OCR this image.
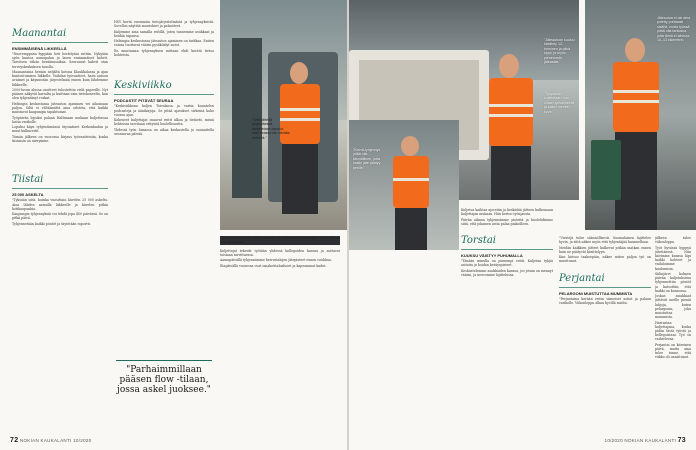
Maanantai
ENSIMMÄISENÄ LIKKEELLÄ

"Nuoremppana hyppään heti herättyäni ruttiin. Nykyään syön kuntoa aamupalan ja lasen ensimmäiset kahvit. Tarvitsen vähän heräämisaikaa. Seuraavat kahvit otan terveyskeskuksen tauolla.

Maanantaina herään neljältä kotona Klaukkalassa ja ajan kuntoutumisen liikkelle. Vaihdan työvaatteet, haen autoon avaimet ja käynnistän järjestelmän ennen kuin lähdemme liikkeelle.

2000-luvun alussa osoitteet tulostettiin vielä paperille. Nyt pääsen näkyvät kartalta ja kuittaan vain tietokoneelta, kun olen tyhjentänyt roskat.

Helsingin keskustassa jäteauton ajaminen vei aikoinaan paljon. Siltä ei välttämättä aina odoteta, että kaikki muistavat kaupungin tapahtumat.

Työpäivän lopuksi palaan Hallimaan mukaan kuljettavaa lastia varikolle.

Lopuksi käyn tyhjentämässä täysinäiset Kerkonkadun ja muut kulkureitit.

Tämän jälkeen on vuorossa kirjaus työvaatteisiin, koska tiistaisin on siirrymme.

Tiistai
25 000 ASKELTA

"Tyksään siitä, kuinka vuosittain kävelen 25 000 askelta. Aina lähden aamulla liikkeelle ja kävelen pitkin kotikaupunkia.

Kaupungin tyhjennyksiä voi tehdä jopa 400 päivässä. Se on pitkä päivä.

Tyhjennetään kaikki pöntöt ja täytetään raportti.

HSY kertä enemmän tietojärjestelmästä ja tyhjennyksistä. Sovellus näyttää muutokset ja palautteet.

Kuljemme aina samalla reitillä, joten tunnemme asukkaat ja heidän tapansa.

Helsingin keskustassa jäteauton ajaminen on tarkkaa. Eniten vaivaa tuottavat väärin pysäköidyt autot.

En muutaman tyhjennyksen mittaan ehdi kerätä tietoa kohteista.

Keskiviikko
PODCASTIT PITÄVÄT SEURAA

"Keskiviikkona kuljen Toivalassa ja vartin kuuntelen podcasteja ja äänikirjoja. Se pitää ajatukset virkeinä koko vuoron ajan.

Kokeneet kuljettajat osaavat reitit ulkoa ja tietävät, missä kohteissa tarvitaan erityistä huolellisuutta.

Yhdessä työn lomassa on aikaa keskustella ja suunnitella seuraavaa päivää.

"Parhaimmillaan pääsen flow -tilaan, jossa askel juoksee."
"Sekajätteitä tyhjentäessä tarkistetaan kansiot, ettei seassa ole vieraita esineitä."
"Työpäivät on otettu hyvin vastaan, jos esimerkiksi varsinaiset tyhjennykset sujuvat ajallaan."

Kuljettajat tekevät työtään yhdessä kollegoiden kanssa ja auttavat toisiaan tarvittaessa.

Aamupäivällä tyhjennämme kerrostalojen jätepisteet ennen ruuhkaa.

Iltapäivällä vuorossa ovat omakotitaloalueet ja kapeammat kadut.

72 NOKIAN KAUKALANTI 10/2020
"Jäteautoon kuuluu käsittely 12-tonninen ja pitkä kippi, ja myös pienemmät jäteastiat."
"Työpäivät kuljetetaan, kun ollaan työvälineellä ja kaikki menee hyvin."
Jäteautoa ei ole aina pidetty puhtaasti sisältä, mutta työssä pitää olla tarkkana, jotta tämä ei aiheuta 10–13 kilometrin.
"Kierrä-tyhjennys pitää olla täsmällinen, jotta kaikki jäte päätyy perille."

Kuljetus kaihtaa ajoreitin ja keskittää jätteen kulkemaan kuljettajan mukaan. Hän kertoo työnjaosta.

Päivän aikana tyhjennämme pisteitä ja huolehdimme siitä, että jokainen astia palaa paikoilleen.

Torstai
KUUKSU VÄISTYY PUHUMALLA

"Tänään minulla on pienempi reitti. Kuljetan tyhjiä astioita ja hoidan keräyspisteet.

Keskustelemme asukkaiden kanssa, jos jotain on mennyt väärin, ja neuvomme lajittelussa.

"Viestejä tulee säännöllisesti. Suomalainen lajittelee hyvin, ja siitä näkee myös että tyhjentäjää kuunnellaan.

Meidän kaikkien jätteet kulkevat pitkän matkan ennen kuin ne päätyvät käsittelyyn.

Kun katsoo taaksepäin, näkee miten paljon työ on muuttunut.

Perjantai
PELARGONI MUISTUTTAA MUMMISTA

"Perjantaina kerään reitin viimeiset astiat ja palaan varikolle. Viikonloppu alkaa hyvillä mielin.

jälkeen tulee viikonloppu.

Työt hyvässä hyppyä jätettäessä. Niin kävimme kanssa läpi kaikki kohteet ja vaihdoimme kuulumisia.

Siilinjärvi kolmen päivän kuljetuksissa tyhjennettiin pöntöt ja katsottiin, että kaikki on kunnossa.

Joskus asiakkaat jättävät meille pieniä lahjoja, kuten pelargonin, joka muistuttaa mummista.

Harrastan kuljettajana, koska pidän tästä työstä ja kollegoistani. Työ on vaihtelevaa.

Perjantai on kiireinen päivä, mutta aina tulee tunne, että viikko oli onnistunut.

10/2020 NOKIAN KAUKALANTI 73
